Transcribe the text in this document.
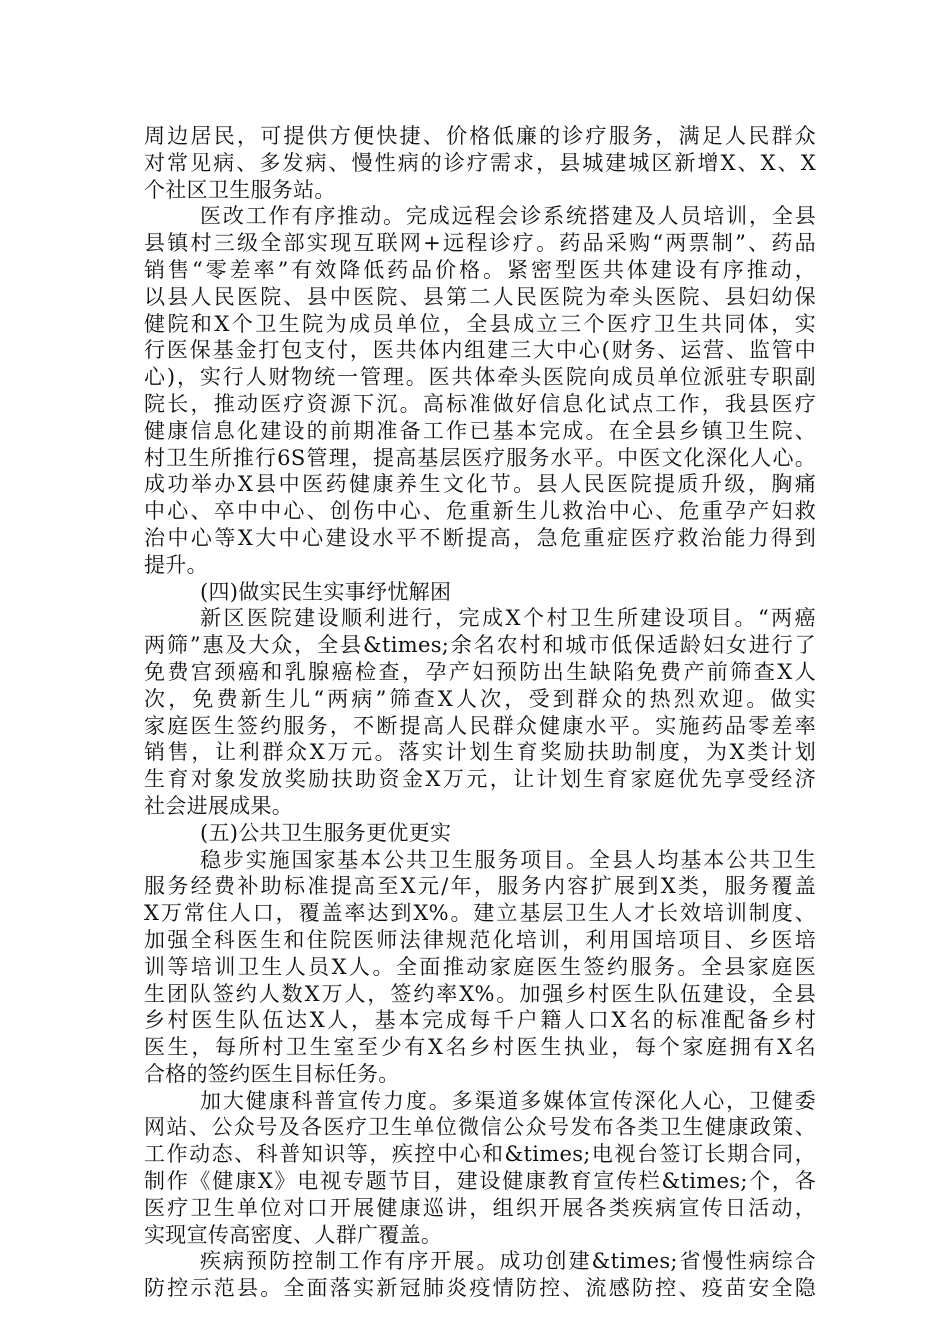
周边居民，可提供方便快捷、价格低廉的诊疗服务，满足人民群众
对常见病、多发病、慢性病的诊疗需求，县城建城区新增X、X、X
个社区卫生服务站。
医改工作有序推动。完成远程会诊系统搭建及人员培训，全县
县镇村三级全部实现互联网+远程诊疗。药品采购“两票制”、药品
销售“零差率”有效降低药品价格。紧密型医共体建设有序推动，
以县人民医院、县中医院、县第二人民医院为牵头医院、县妇幼保
健院和X个卫生院为成员单位，全县成立三个医疗卫生共同体，实
行医保基金打包支付，医共体内组建三大中心(财务、运营、监管中
心)，实行人财物统一管理。医共体牵头医院向成员单位派驻专职副
院长，推动医疗资源下沉。高标准做好信息化试点工作，我县医疗
健康信息化建设的前期准备工作已基本完成。在全县乡镇卫生院、
村卫生所推行6S管理，提高基层医疗服务水平。中医文化深化人心。
成功举办X县中医药健康养生文化节。县人民医院提质升级，胸痛
中心、卒中中心、创伤中心、危重新生儿救治中心、危重孕产妇救
治中心等X大中心建设水平不断提高，急危重症医疗救治能力得到
提升。
(四)做实民生实事纾忧解困
新区医院建设顺利进行，完成X个村卫生所建设项目。“两癌
两筛”惠及大众，全县&times;余名农村和城市低保适龄妇女进行了
免费宫颈癌和乳腺癌检查，孕产妇预防出生缺陷免费产前筛查X人
次，免费新生儿“两病”筛查X人次，受到群众的热烈欢迎。做实
家庭医生签约服务，不断提高人民群众健康水平。实施药品零差率
销售，让利群众X万元。落实计划生育奖励扶助制度，为X类计划
生育对象发放奖励扶助资金X万元，让计划生育家庭优先享受经济
社会进展成果。
(五)公共卫生服务更优更实
稳步实施国家基本公共卫生服务项目。全县人均基本公共卫生
服务经费补助标准提高至X元/年，服务内容扩展到X类，服务覆盖
X万常住人口，覆盖率达到X%。建立基层卫生人才长效培训制度、
加强全科医生和住院医师法律规范化培训，利用国培项目、乡医培
训等培训卫生人员X人。全面推动家庭医生签约服务。全县家庭医
生团队签约人数X万人，签约率X%。加强乡村医生队伍建设，全县
乡村医生队伍达X人，基本完成每千户籍人口X名的标准配备乡村
医生，每所村卫生室至少有X名乡村医生执业，每个家庭拥有X名
合格的签约医生目标任务。
加大健康科普宣传力度。多渠道多媒体宣传深化人心，卫健委
网站、公众号及各医疗卫生单位微信公众号发布各类卫生健康政策、
工作动态、科普知识等，疾控中心和&times;电视台签订长期合同，
制作《健康X》电视专题节目，建设健康教育宣传栏&times;个，各
医疗卫生单位对口开展健康巡讲，组织开展各类疾病宣传日活动，
实现宣传高密度、人群广覆盖。
疾病预防控制工作有序开展。成功创建&times;省慢性病综合
防控示范县。全面落实新冠肺炎疫情防控、流感防控、疫苗安全隐
